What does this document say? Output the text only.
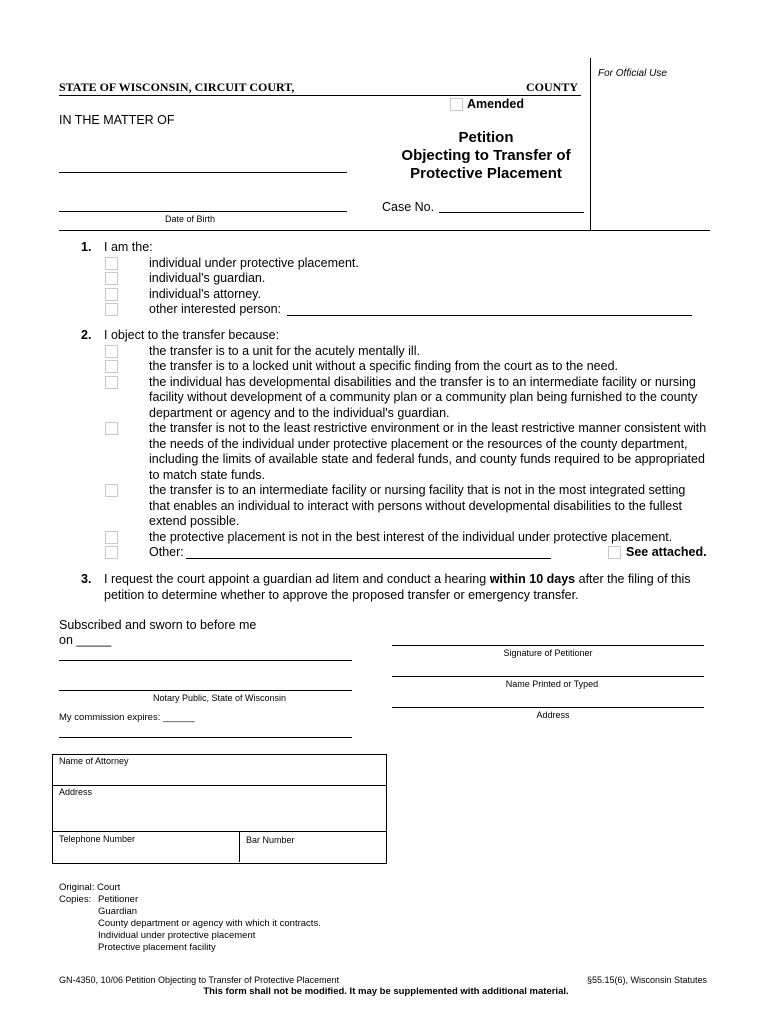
For Official Use
STATE OF WISCONSIN, CIRCUIT COURT,	COUNTY
Amended
IN THE MATTER OF
Date of Birth
Petition
Objecting to Transfer of
Protective Placement
Case No.
1. I am the:
individual under protective placement.
individual's guardian.
individual's attorney.
other interested person:
2. I object to the transfer because:
the transfer is to a unit for the acutely mentally ill.
the transfer is to a locked unit without a specific finding from the court as to the need.
the individual has developmental disabilities and the transfer is to an intermediate facility or nursing
facility without development of a community plan or a community plan being furnished to the county
department or agency and to the individual's guardian.
the transfer is not to the least restrictive environment or in the least restrictive manner consistent with
the needs of the individual under protective placement or the resources of the county department,
including the limits of available state and federal funds, and county funds required to be appropriated
to match state funds.
the transfer is to an intermediate facility or nursing facility that is not in the most integrated setting
that enables an individual to interact with persons without developmental disabilities to the fullest
extend possible.
the protective placement is not in the best interest of the individual under protective placement.
Other:	See attached.
3. I request the court appoint a guardian ad litem and conduct a hearing within 10 days after the filing of this
petition to determine whether to approve the proposed transfer or emergency transfer.
Subscribed and sworn to before me
on _____
Notary Public, State of Wisconsin
My commission expires: ______
Signature of Petitioner
Name Printed or Typed
Address
Name of Attorney
Address
Telephone Number	Bar Number
Original: Court
Copies: Petitioner
Guardian
County department or agency with which it contracts.
Individual under protective placement
Protective placement facility
GN-4350, 10/06 Petition Objecting to Transfer of Protective Placement	§55.15(6), Wisconsin Statutes
This form shall not be modified. It may be supplemented with additional material.
